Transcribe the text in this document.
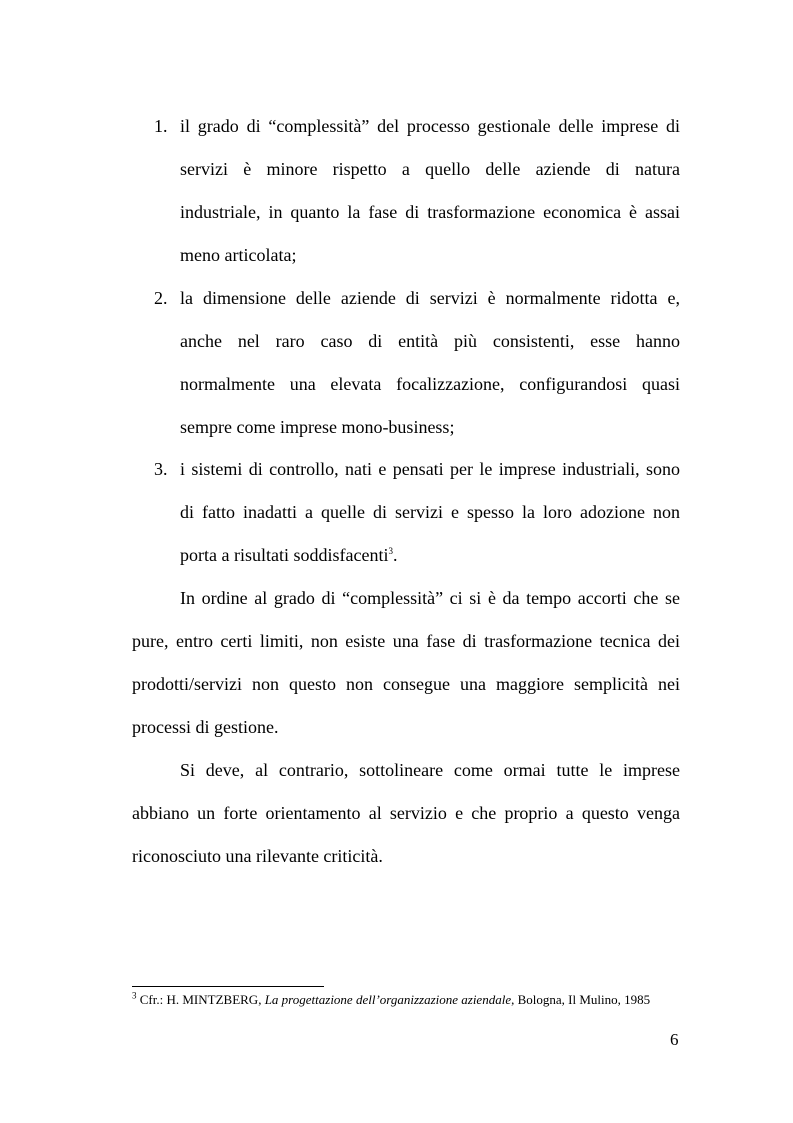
1. il grado di “complessità” del processo gestionale delle imprese di
servizi è minore rispetto a quello delle aziende di natura
industriale, in quanto la fase di trasformazione economica è assai
meno articolata;
2. la dimensione delle aziende di servizi è normalmente ridotta e,
anche nel raro caso di entità più consistenti, esse hanno
normalmente una elevata focalizzazione, configurandosi quasi
sempre come imprese mono-business;
3. i sistemi di controllo, nati e pensati per le imprese industriali, sono
di fatto inadatti a quelle di servizi e spesso la loro adozione non
porta a risultati soddisfacenti$^3$.
In ordine al grado di “complessità” ci si è da tempo accorti che se
pure, entro certi limiti, non esiste una fase di trasformazione tecnica dei
prodotti/servizi non questo non consegue una maggiore semplicità nei
processi di gestione.
Si deve, al contrario, sottolineare come ormai tutte le imprese
abbiano un forte orientamento al servizio e che proprio a questo venga
riconosciuto una rilevante criticità.
$^3$ Cfr.: H. MINTZBERG, La progettazione dell’organizzazione aziendale, Bologna, Il Mulino, 1985
6
